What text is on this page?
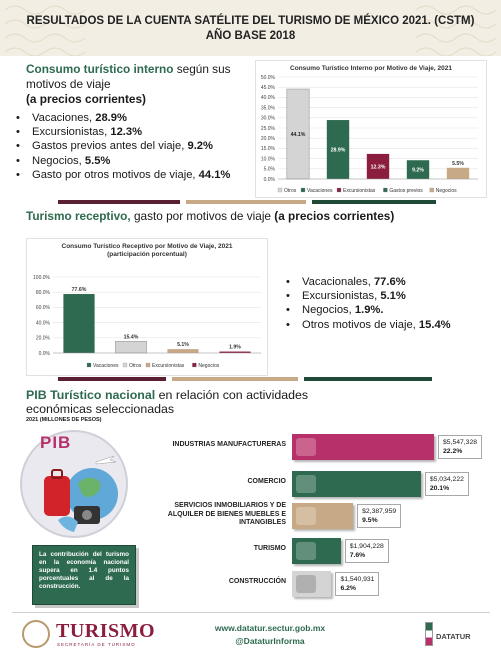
RESULTADOS DE LA CUENTA SATÉLITE DEL TURISMO DE MÉXICO 2021. (CSTM)
AÑO BASE 2018
Consumo turístico interno según sus motivos de viaje
(a precios corrientes)
• Vacaciones, 28.9%
• Excursionistas, 12.3%
• Gastos previos antes del viaje, 9.2%
• Negocios, 5.5%
• Gasto por otros motivos de viaje, 44.1%
Consumo Turístico Interno por Motivo de Viaje, 2021
0.0%
5.0%
10.0%
15.0%
20.0%
25.0%
30.0%
35.0%
40.0%
45.0%
50.0%
44.1%
28.9%
12.3%
9.2%
5.5%
Otros Vacaciones Excursionistas	Gastos previos	Negocios
Turismo receptivo, gasto por motivos de viaje (a precios corrientes)
Consumo Turístico Receptivo por Motivo de Viaje, 2021
(participación porcentual)
0.0%
20.0%
40.0%
60.0%
80.0%
100.0%
77.6%
15.4%
5.1%	1.9%
Vacaciones Otros Excursionistas	Negocios
• Vacacionales, 77.6%
• Excursionistas, 5.1%
• Negocios, 1.9%.
• Otros motivos de viaje, 15.4%
PIB Turístico nacional en relación con actividades económicas seleccionadas
2021 (MILLONES DE PESOS)
PIB
La contribución del turismo en la economía nacional supera en 1.4 puntos porcentuales al de la construcción.
INDUSTRIAS MANUFACTURERAS	$5,547,328
22.2%
COMERCIO	$5,034,222
20.1%
SERVICIOS INMOBILIARIOS Y DE ALQUILER DE BIENES MUEBLES E INTANGIBLES
$2,387,959
9.5%
TURISMO	$1,904,228
7.6%
CONSTRUCCIÓN	$1,540,931
6.2%
TURISMO
SECRETARÍA DE TURISMO
www.datatur.sectur.gob.mx
@DataturInforma	DATATUR
